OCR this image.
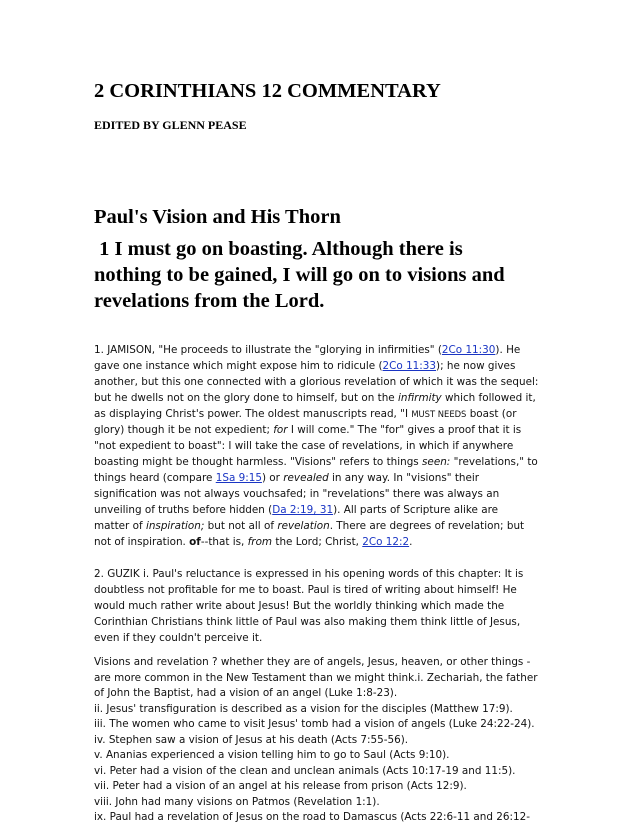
2 CORINTHIANS 12 COMMENTARY
EDITED BY GLENN PEASE
Paul's Vision and His Thorn
1 I must go on boasting. Although there is
nothing to be gained, I will go on to visions and
revelations from the Lord.
1. JAMISON, "He proceeds to illustrate the "glorying in infirmities" (2Co 11:30). He
gave one instance which might expose him to ridicule (2Co 11:33); he now gives
another, but this one connected with a glorious revelation of which it was the sequel:
but he dwells not on the glory done to himself, but on the infirmity which followed it,
as displaying Christ's power. The oldest manuscripts read, "I MUST NEEDS boast (or
glory) though it be not expedient; for I will come." The "for" gives a proof that it is
"not expedient to boast": I will take the case of revelations, in which if anywhere
boasting might be thought harmless. "Visions" refers to things seen: "revelations," to
things heard (compare 1Sa 9:15) or revealed in any way. In "visions" their
signification was not always vouchsafed; in "revelations" there was always an
unveiling of truths before hidden (Da 2:19, 31). All parts of Scripture alike are
matter of inspiration; but not all of revelation. There are degrees of revelation; but
not of inspiration. of--that is, from the Lord; Christ, 2Co 12:2.
2. GUZIK i. Paul's reluctance is expressed in his opening words of this chapter: It is
doubtless not profitable for me to boast. Paul is tired of writing about himself! He
would much rather write about Jesus! But the worldly thinking which made the
Corinthian Christians think little of Paul was also making them think little of Jesus,
even if they couldn't perceive it.
Visions and revelation ? whether they are of angels, Jesus, heaven, or other things -
are more common in the New Testament than we might think.i. Zechariah, the father
of John the Baptist, had a vision of an angel (Luke 1:8-23).
ii. Jesus' transfiguration is described as a vision for the disciples (Matthew 17:9).
iii. The women who came to visit Jesus' tomb had a vision of angels (Luke 24:22-24).
iv. Stephen saw a vision of Jesus at his death (Acts 7:55-56).
v. Ananias experienced a vision telling him to go to Saul (Acts 9:10).
vi. Peter had a vision of the clean and unclean animals (Acts 10:17-19 and 11:5).
vii. Peter had a vision of an angel at his release from prison (Acts 12:9).
viii. John had many visions on Patmos (Revelation 1:1).
ix. Paul had a revelation of Jesus on the road to Damascus (Acts 22:6-11 and 26:12-
